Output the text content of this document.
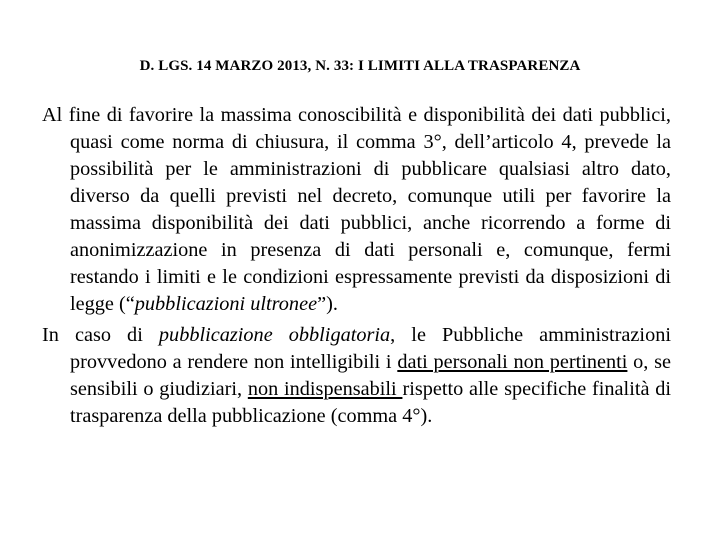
D. LGS. 14 MARZO 2013, N. 33: I LIMITI ALLA TRASPARENZA

Al fine di favorire la massima conoscibilità e disponibilità dei dati pubblici, quasi come norma di chiusura, il comma 3°, dell’articolo 4, prevede la possibilità per le amministrazioni di pubblicare qualsiasi altro dato, diverso da quelli previsti nel decreto, comunque utili per favorire la massima disponibilità dei dati pubblici, anche ricorrendo a forme di anonimizzazione in presenza di dati personali e, comunque, fermi restando i limiti e le condizioni espressamente previsti da disposizioni di legge (“pubblicazioni ultronee”).

In caso di pubblicazione obbligatoria, le Pubbliche amministrazioni provvedono a rendere non intelligibili i dati personali non pertinenti o, se sensibili o giudiziari, non indispensabili rispetto alle specifiche finalità di trasparenza della pubblicazione (comma 4°).
